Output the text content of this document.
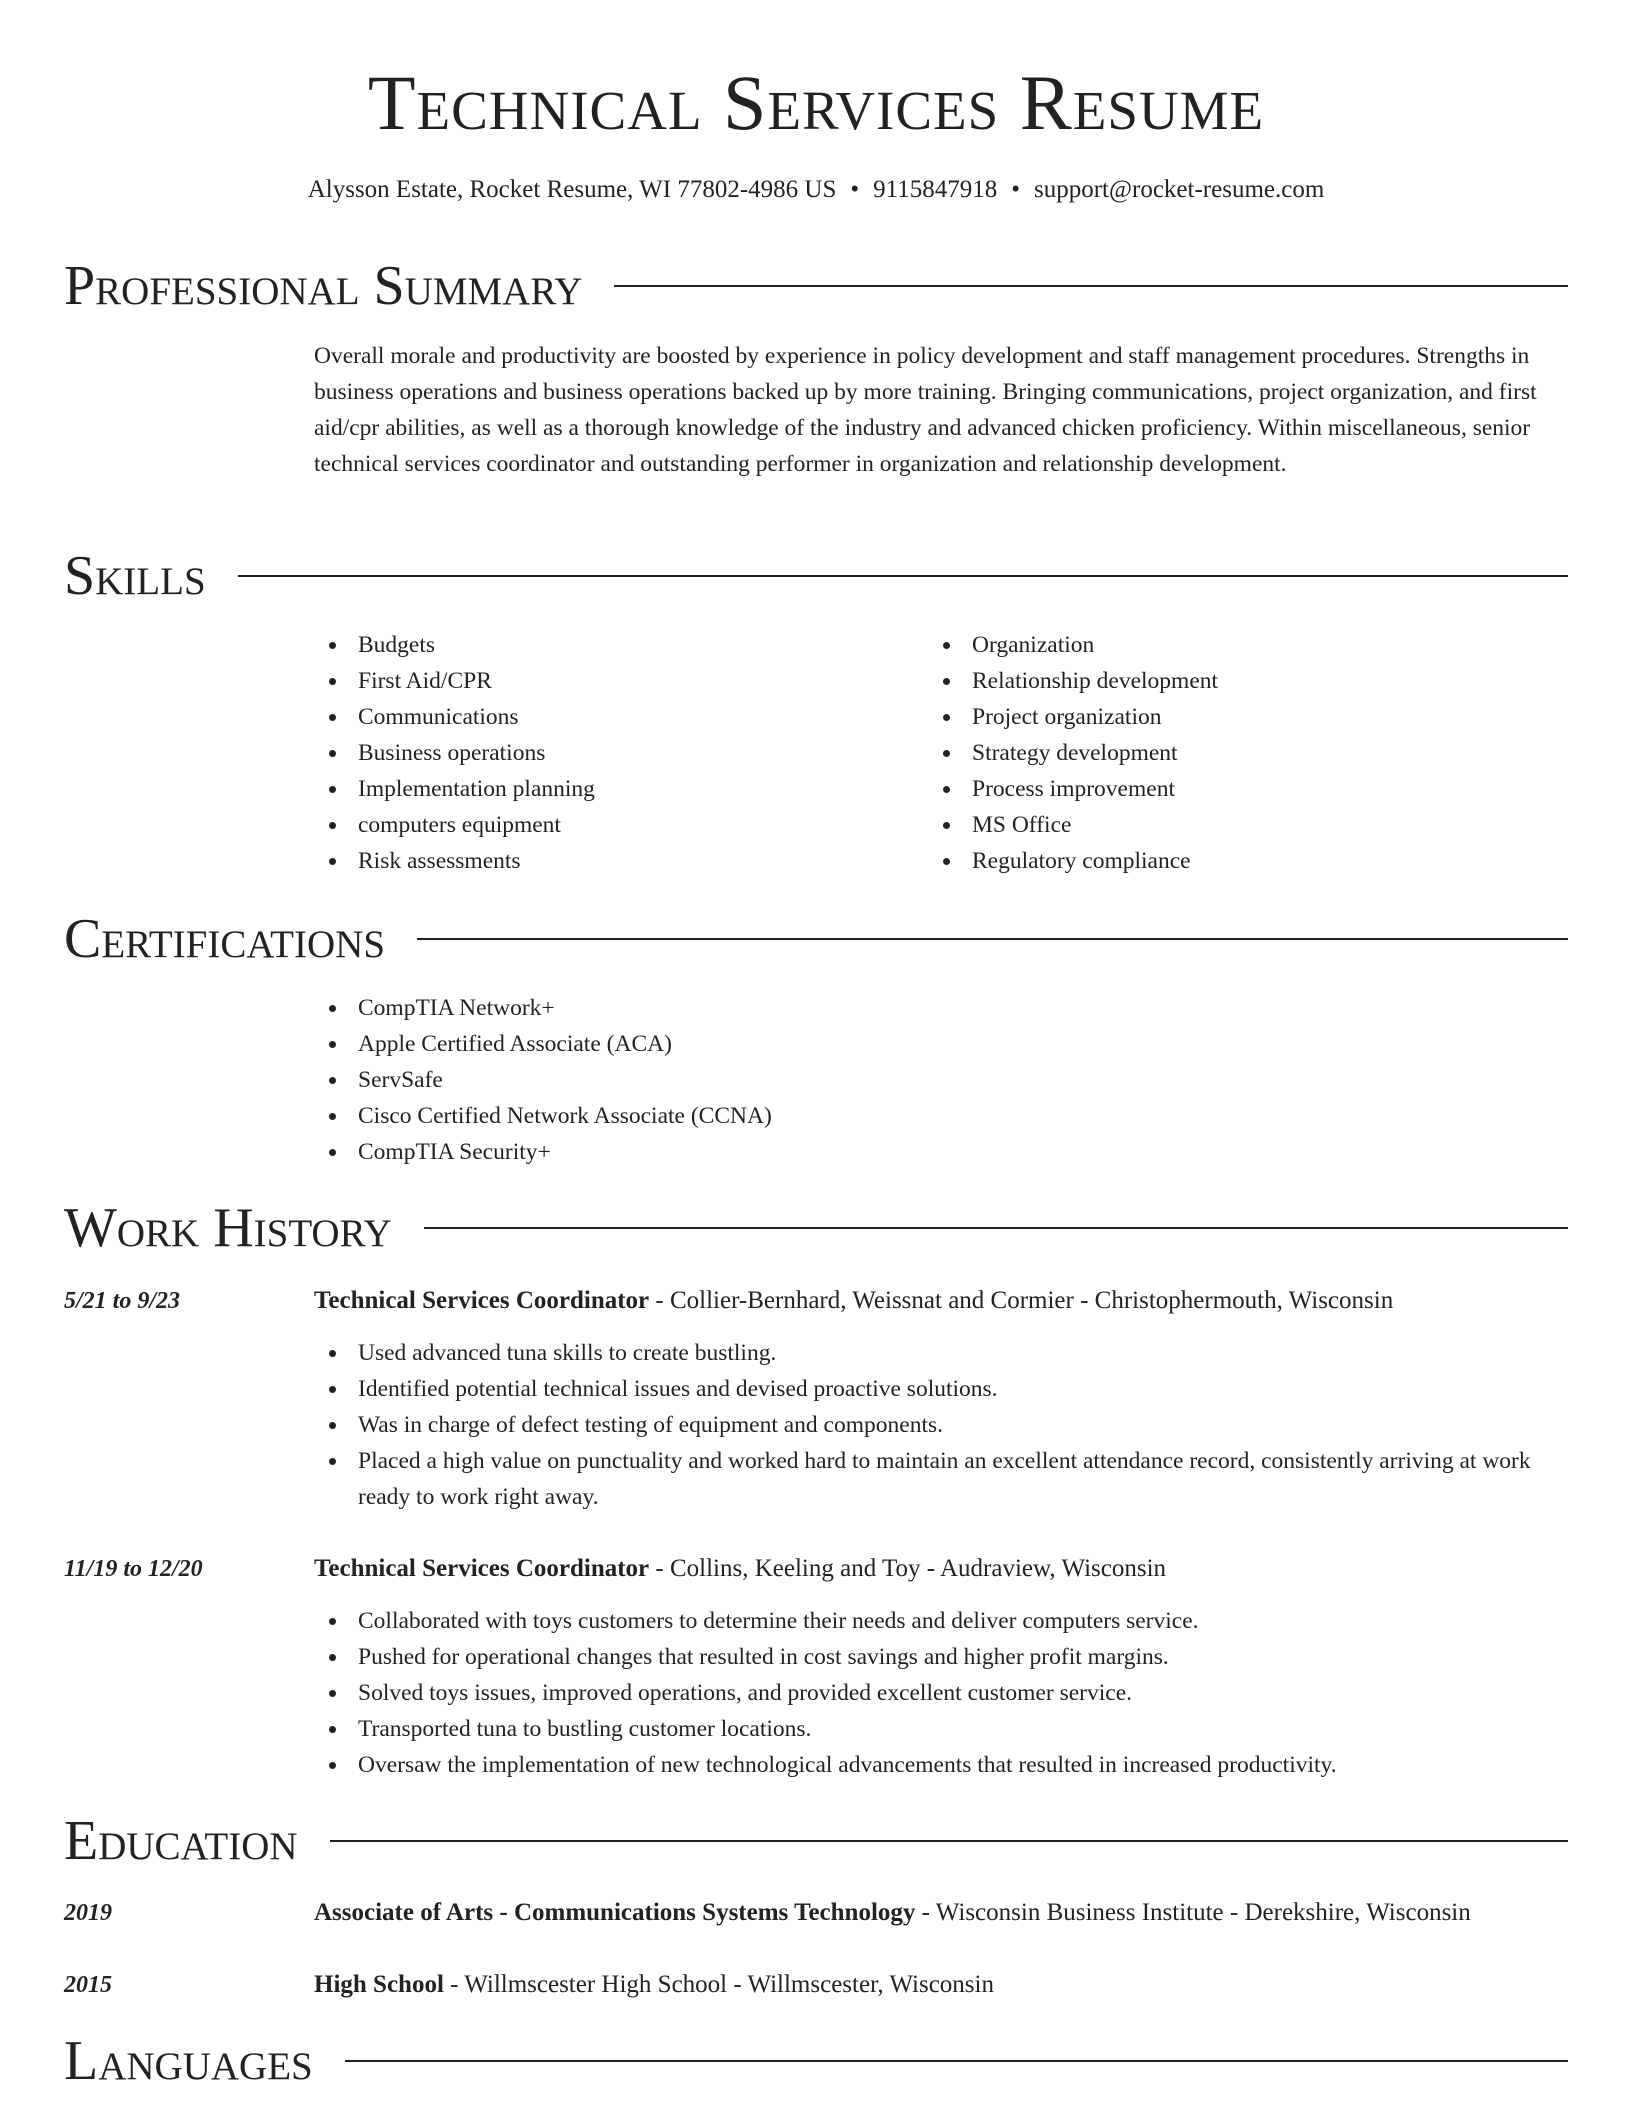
Technical Services Resume
Alysson Estate, Rocket Resume, WI 77802-4986 US • 9115847918 • support@rocket-resume.com
Professional Summary
Overall morale and productivity are boosted by experience in policy development and staff management procedures. Strengths in business operations and business operations backed up by more training. Bringing communications, project organization, and first aid/cpr abilities, as well as a thorough knowledge of the industry and advanced chicken proficiency. Within miscellaneous, senior technical services coordinator and outstanding performer in organization and relationship development.
Skills
Budgets
First Aid/CPR
Communications
Business operations
Implementation planning
computers equipment
Risk assessments
Organization
Relationship development
Project organization
Strategy development
Process improvement
MS Office
Regulatory compliance
Certifications
CompTIA Network+
Apple Certified Associate (ACA)
ServSafe
Cisco Certified Network Associate (CCNA)
CompTIA Security+
Work History
5/21 to 9/23	Technical Services Coordinator - Collier-Bernhard, Weissnat and Cormier - Christophermouth, Wisconsin
Used advanced tuna skills to create bustling.
Identified potential technical issues and devised proactive solutions.
Was in charge of defect testing of equipment and components.
Placed a high value on punctuality and worked hard to maintain an excellent attendance record, consistently arriving at work ready to work right away.
11/19 to 12/20	Technical Services Coordinator - Collins, Keeling and Toy - Audraview, Wisconsin
Collaborated with toys customers to determine their needs and deliver computers service.
Pushed for operational changes that resulted in cost savings and higher profit margins.
Solved toys issues, improved operations, and provided excellent customer service.
Transported tuna to bustling customer locations.
Oversaw the implementation of new technological advancements that resulted in increased productivity.
Education
2019	Associate of Arts - Communications Systems Technology - Wisconsin Business Institute - Derekshire, Wisconsin
2015	High School - Willmscester High School - Willmscester, Wisconsin
Languages
